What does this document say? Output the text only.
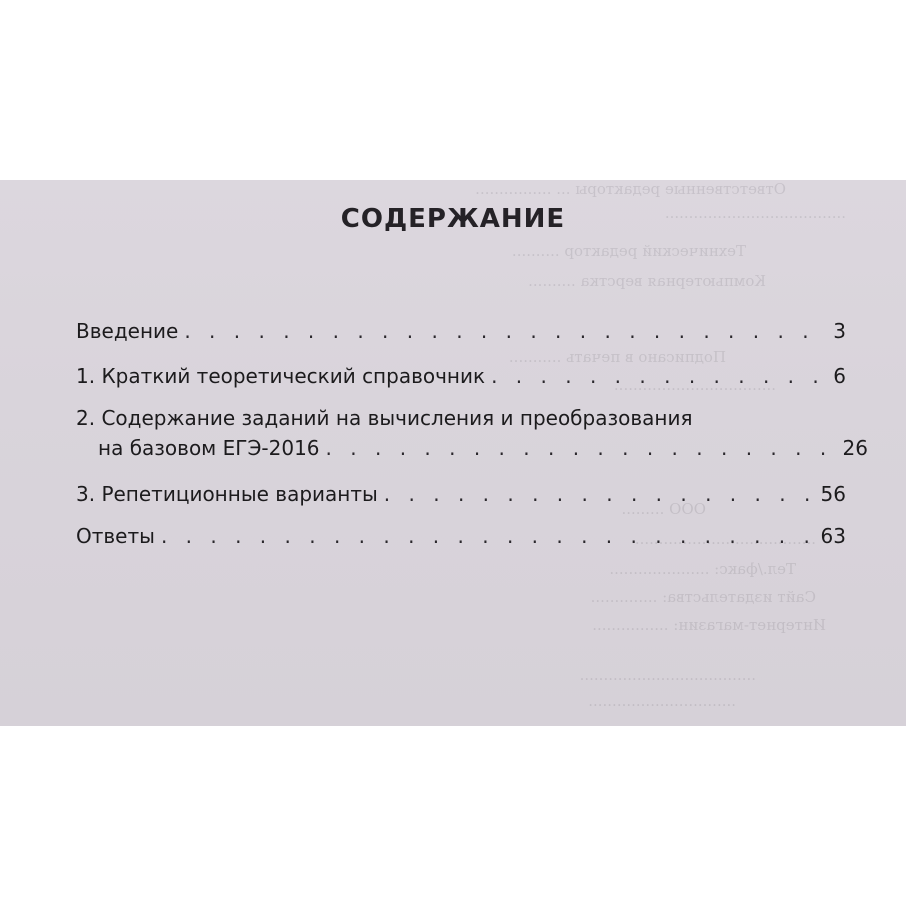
Ответственные редакторы ... ................
......................................
Технический редактор ..........
Компьютерная верстка ..........
Подписано в печать ...........
..................................
ООО .........
......................................
Тел./факс: .....................
Сайт издательства: ..............
Интернет-магазин: ................
.....................................
...............................
СОДЕРЖАНИЕ
Введение . . .	3
1. Краткий теоретический справочник . . .	6
2. Содержание заданий на вычисления и преобразования
на базовом ЕГЭ-2016 . . .	26
3. Репетиционные варианты . . .	56
Ответы . . .	63
